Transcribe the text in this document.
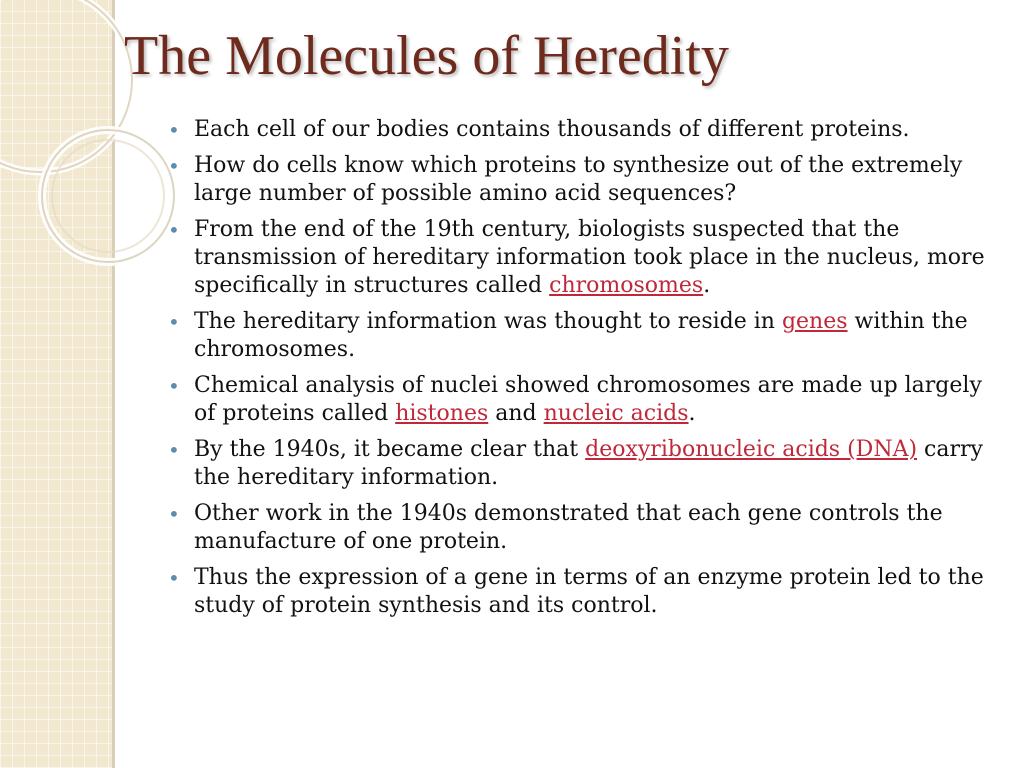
The Molecules of Heredity
• Each cell of our bodies contains thousands of different proteins.
• How do cells know which proteins to synthesize out of the extremely large number of possible amino acid sequences?
• From the end of the 19th century, biologists suspected that the transmission of hereditary information took place in the nucleus, more specifically in structures called chromosomes.
• The hereditary information was thought to reside in genes within the chromosomes.
• Chemical analysis of nuclei showed chromosomes are made up largely of proteins called histones and nucleic acids.
• By the 1940s, it became clear that deoxyribonucleic acids (DNA) carry the hereditary information.
• Other work in the 1940s demonstrated that each gene controls the manufacture of one protein.
• Thus the expression of a gene in terms of an enzyme protein led to the study of protein synthesis and its control.
